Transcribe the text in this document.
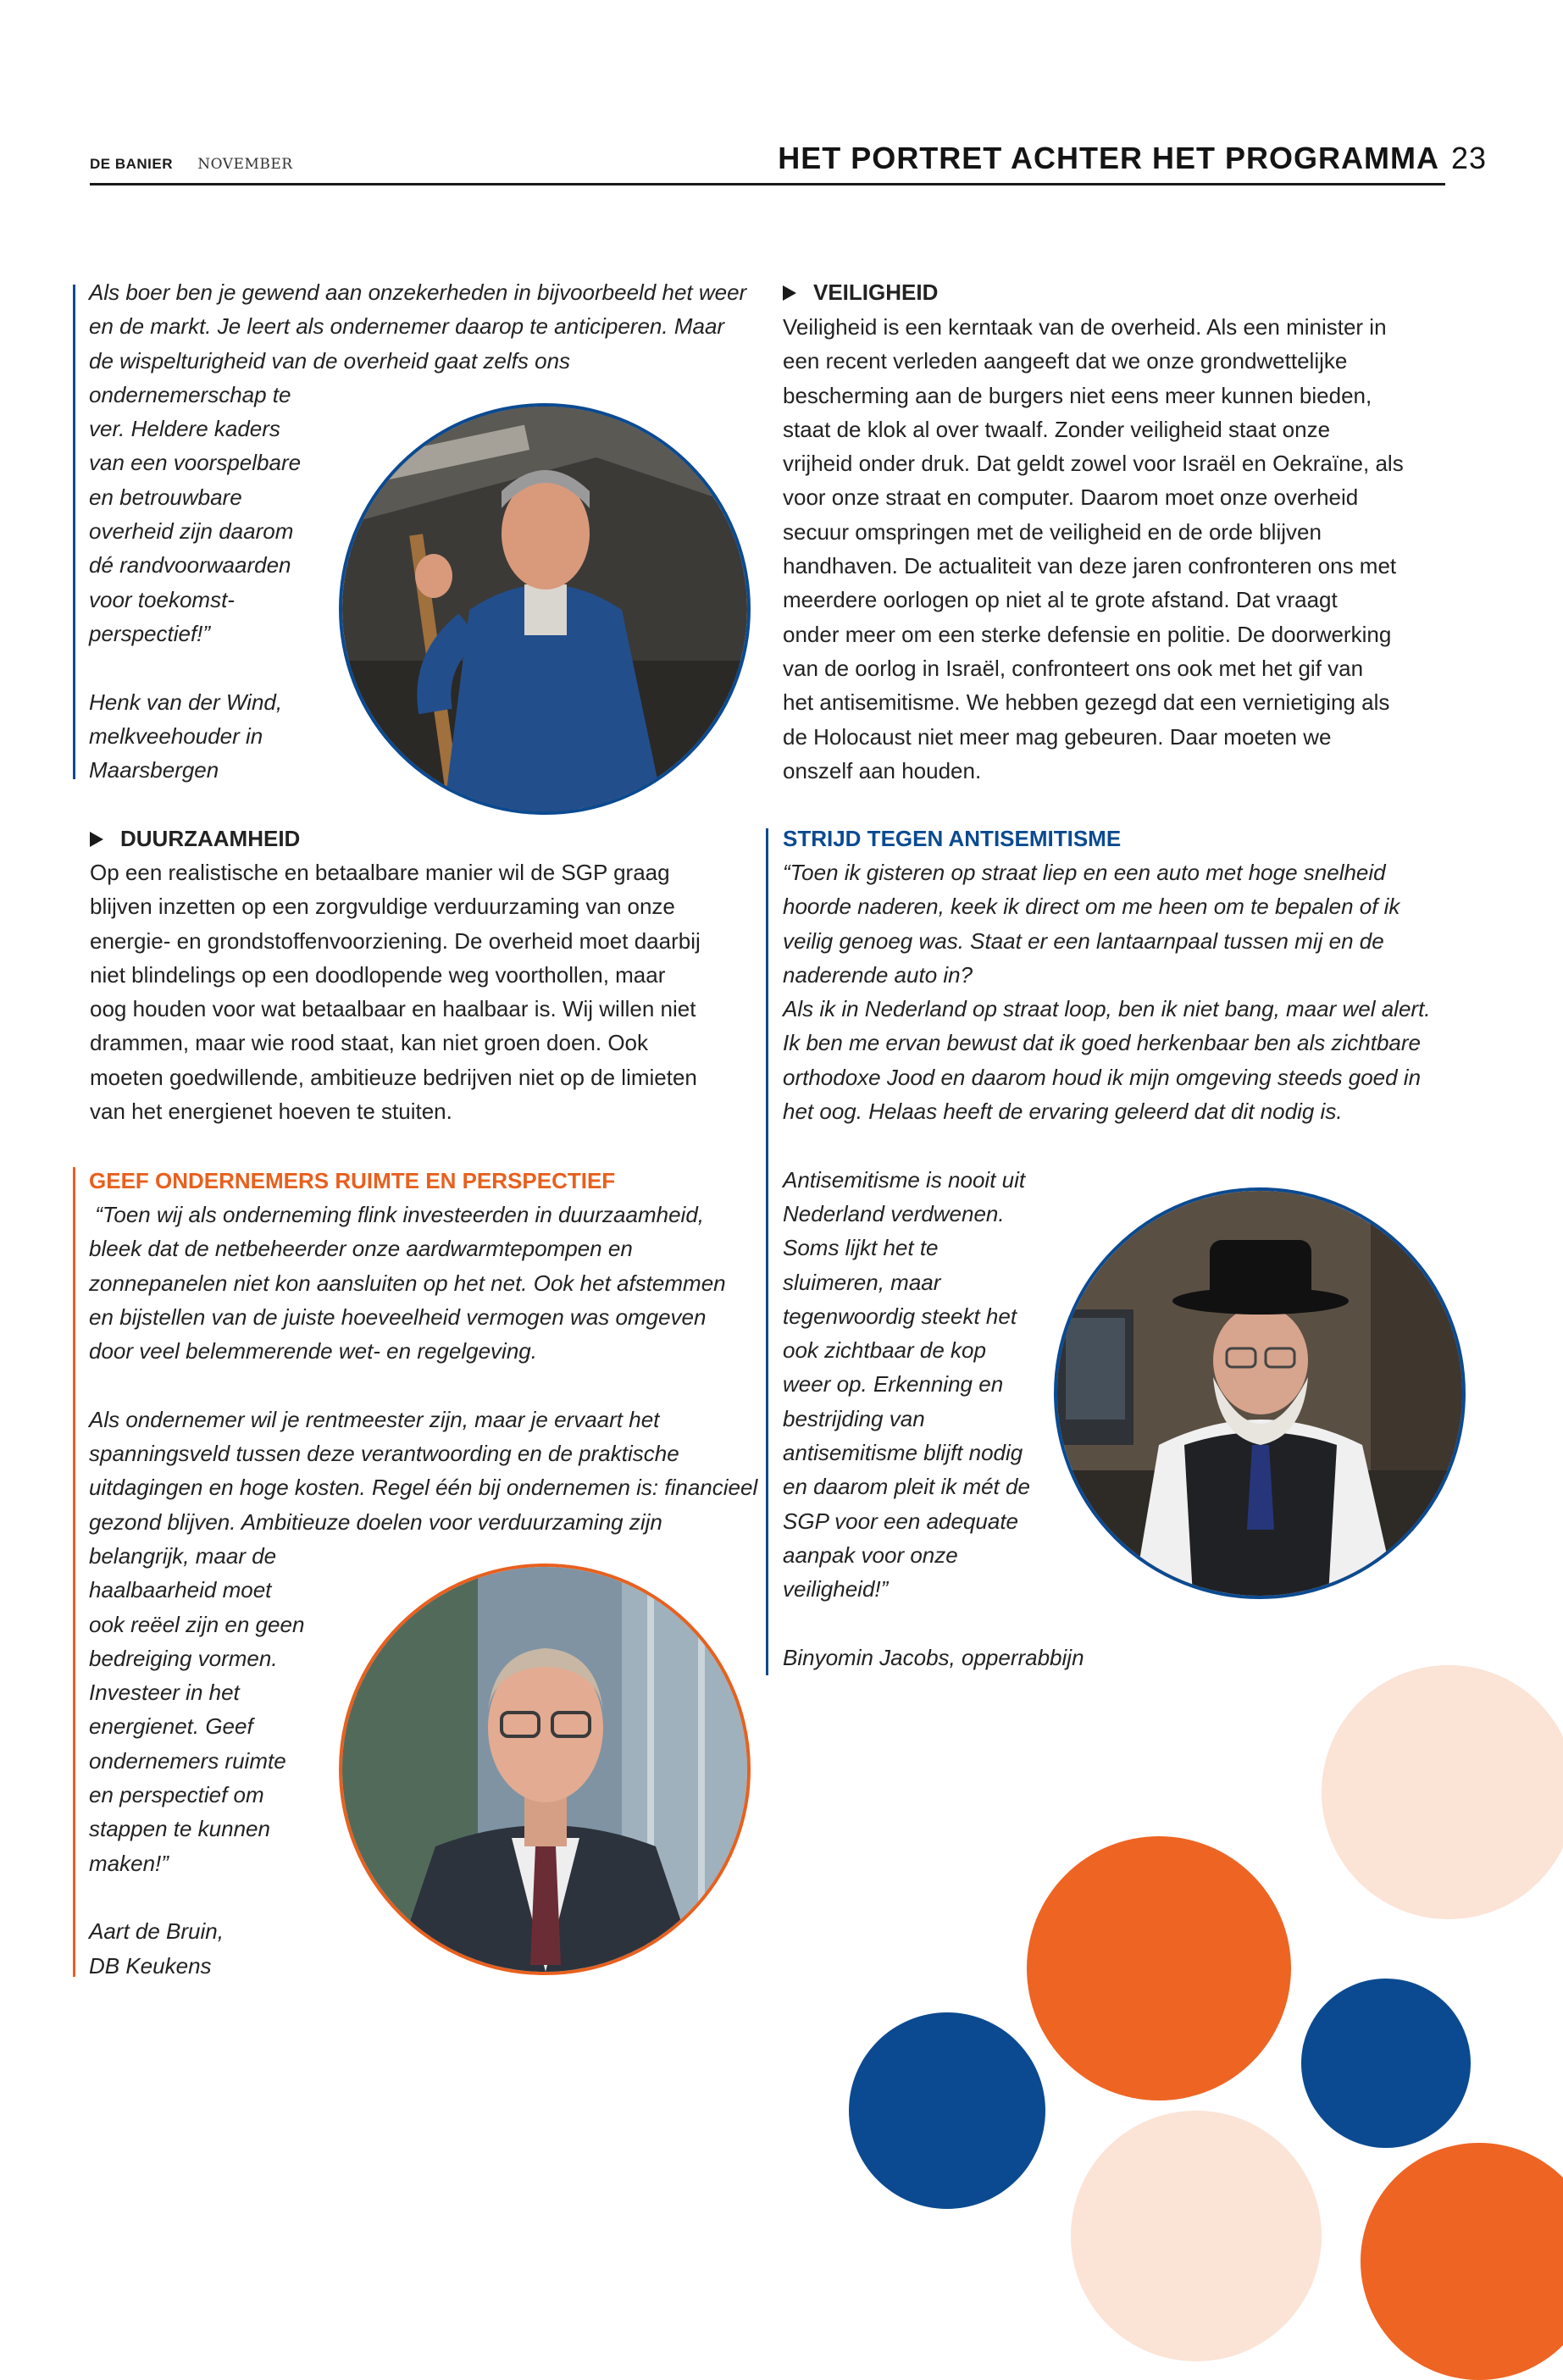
DE BANIER NOVEMBER	HET PORTRET ACHTER HET PROGRAMMA 23
Als boer ben je gewend aan onzekerheden in bijvoorbeeld het weer
en de markt. Je leert als ondernemer daarop te anticiperen. Maar
de wispelturigheid van de overheid gaat zelfs ons
ondernemerschap te
ver. Heldere kaders
van een voorspelbare
en betrouwbare
overheid zijn daarom
dé randvoorwaarden
voor toekomst-
perspectief!”
Henk van der Wind,
melkveehouder in
Maarsbergen
DUURZAAMHEID
Op een realistische en betaalbare manier wil de SGP graag
blijven inzetten op een zorgvuldige verduurzaming van onze
energie- en grondstoffenvoorziening. De overheid moet daarbij
niet blindelings op een doodlopende weg voorthollen, maar
oog houden voor wat betaalbaar en haalbaar is. Wij willen niet
drammen, maar wie rood staat, kan niet groen doen. Ook
moeten goedwillende, ambitieuze bedrijven niet op de limieten
van het energienet hoeven te stuiten.
GEEF ONDERNEMERS RUIMTE EN PERSPECTIEF
“Toen wij als onderneming flink investeerden in duurzaamheid,
bleek dat de netbeheerder onze aardwarmtepompen en
zonnepanelen niet kon aansluiten op het net. Ook het afstemmen
en bijstellen van de juiste hoeveelheid vermogen was omgeven
door veel belemmerende wet- en regelgeving.
Als ondernemer wil je rentmeester zijn, maar je ervaart het
spanningsveld tussen deze verantwoording en de praktische
uitdagingen en hoge kosten. Regel één bij ondernemen is: financieel
gezond blijven. Ambitieuze doelen voor verduurzaming zijn
belangrijk, maar de
haalbaarheid moet
ook reëel zijn en geen
bedreiging vormen.
Investeer in het
energienet. Geef
ondernemers ruimte
en perspectief om
stappen te kunnen
maken!”
Aart de Bruin,
DB Keukens
VEILIGHEID
Veiligheid is een kerntaak van de overheid. Als een minister in
een recent verleden aangeeft dat we onze grondwettelijke
bescherming aan de burgers niet eens meer kunnen bieden,
staat de klok al over twaalf. Zonder veiligheid staat onze
vrijheid onder druk. Dat geldt zowel voor Israël en Oekraïne, als
voor onze straat en computer. Daarom moet onze overheid
secuur omspringen met de veiligheid en de orde blijven
handhaven. De actualiteit van deze jaren confronteren ons met
meerdere oorlogen op niet al te grote afstand. Dat vraagt
onder meer om een sterke defensie en politie. De doorwerking
van de oorlog in Israël, confronteert ons ook met het gif van
het antisemitisme. We hebben gezegd dat een vernietiging als
de Holocaust niet meer mag gebeuren. Daar moeten we
onszelf aan houden.
STRIJD TEGEN ANTISEMITISME
“Toen ik gisteren op straat liep en een auto met hoge snelheid
hoorde naderen, keek ik direct om me heen om te bepalen of ik
veilig genoeg was. Staat er een lantaarnpaal tussen mij en de
naderende auto in?
Als ik in Nederland op straat loop, ben ik niet bang, maar wel alert.
Ik ben me ervan bewust dat ik goed herkenbaar ben als zichtbare
orthodoxe Jood en daarom houd ik mijn omgeving steeds goed in
het oog. Helaas heeft de ervaring geleerd dat dit nodig is.
Antisemitisme is nooit uit
Nederland verdwenen.
Soms lijkt het te
sluimeren, maar
tegenwoordig steekt het
ook zichtbaar de kop
weer op. Erkenning en
bestrijding van
antisemitisme blijft nodig
en daarom pleit ik mét de
SGP voor een adequate
aanpak voor onze
veiligheid!”
Binyomin Jacobs, opperrabbijn
